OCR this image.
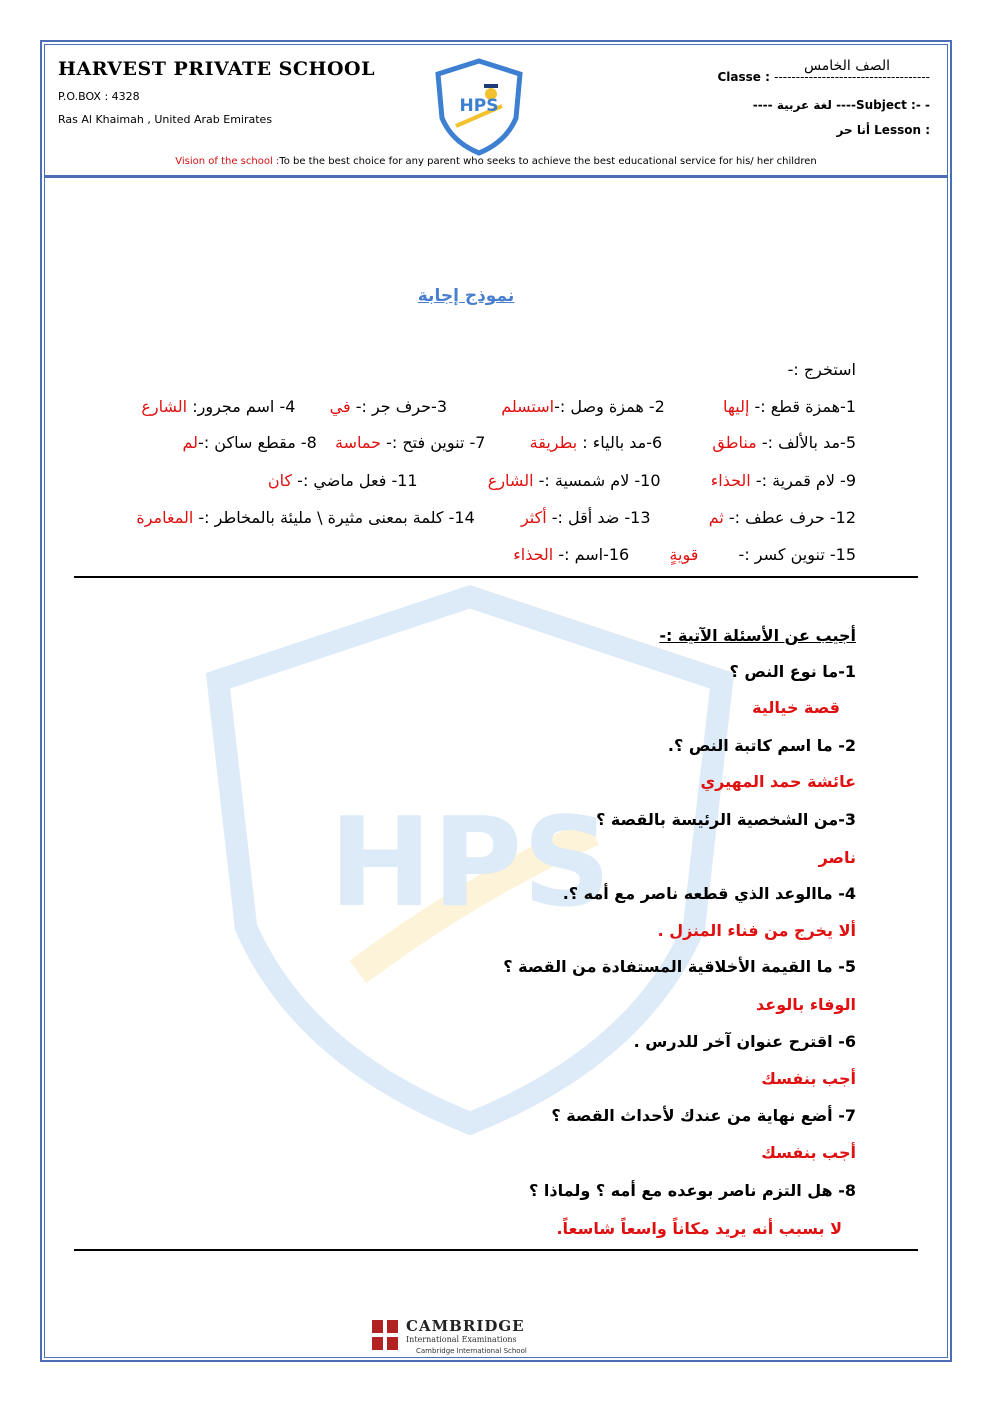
HPS
HARVEST PRIVATE SCHOOL
P.O.BOX : 4328
Ras Al Khaimah , United Arab Emirates
HPS
Classe : ------------------------------------
الصف الخامس
---- لغة عربية ----Subject :- -
أنا حر Lesson :
Vision of the school :To be the best choice for any parent who seeks to achieve the best educational service for his/ her children
نموذج إجابة
استخرج :-
1-همزة قطع :- إليها  2- همزة وصل :-استسلم  3-حرف جر :- في  4- اسم مجرور: الشارع
5-مد بالألف :- مناطق  6-مد بالياء : بطريقة  7- تنوين فتح :- حماسة  8- مقطع ساكن :-لم
9- لام قمرية :- الحذاء  10- لام شمسية :- الشارع  11- فعل ماضي :- كان
12- حرف عطف :- ثم  13- ضد أقل :- أكثر  14- كلمة بمعنى مثيرة \ مليئة بالمخاطر :- المغامرة
15- تنوين كسر :-  قويةٍ  16-اسم :- الحذاء
أجيب عن الأسئلة الآتية :-
1-ما نوع النص ؟
قصة خيالية
2- ما اسم كاتبة النص ؟.
عائشة حمد المهيري
3-من الشخصية الرئيسة بالقصة ؟
ناصر
4- ماالوعد الذي قطعه ناصر مع أمه ؟.
ألا يخرج من فناء المنزل .
5- ما القيمة الأخلاقية المستفادة من القصة ؟
الوفاء بالوعد
6- اقترح عنوان آخر للدرس .
أجب بنفسك
7- أضع نهاية من عندك لأحداث القصة ؟
أجب بنفسك
8- هل التزم ناصر بوعده مع أمه ؟ ولماذا ؟
لا بسبب أنه يريد مكاناً واسعاً شاسعاً.
CAMBRIDGE
International Examinations
Cambridge International School
